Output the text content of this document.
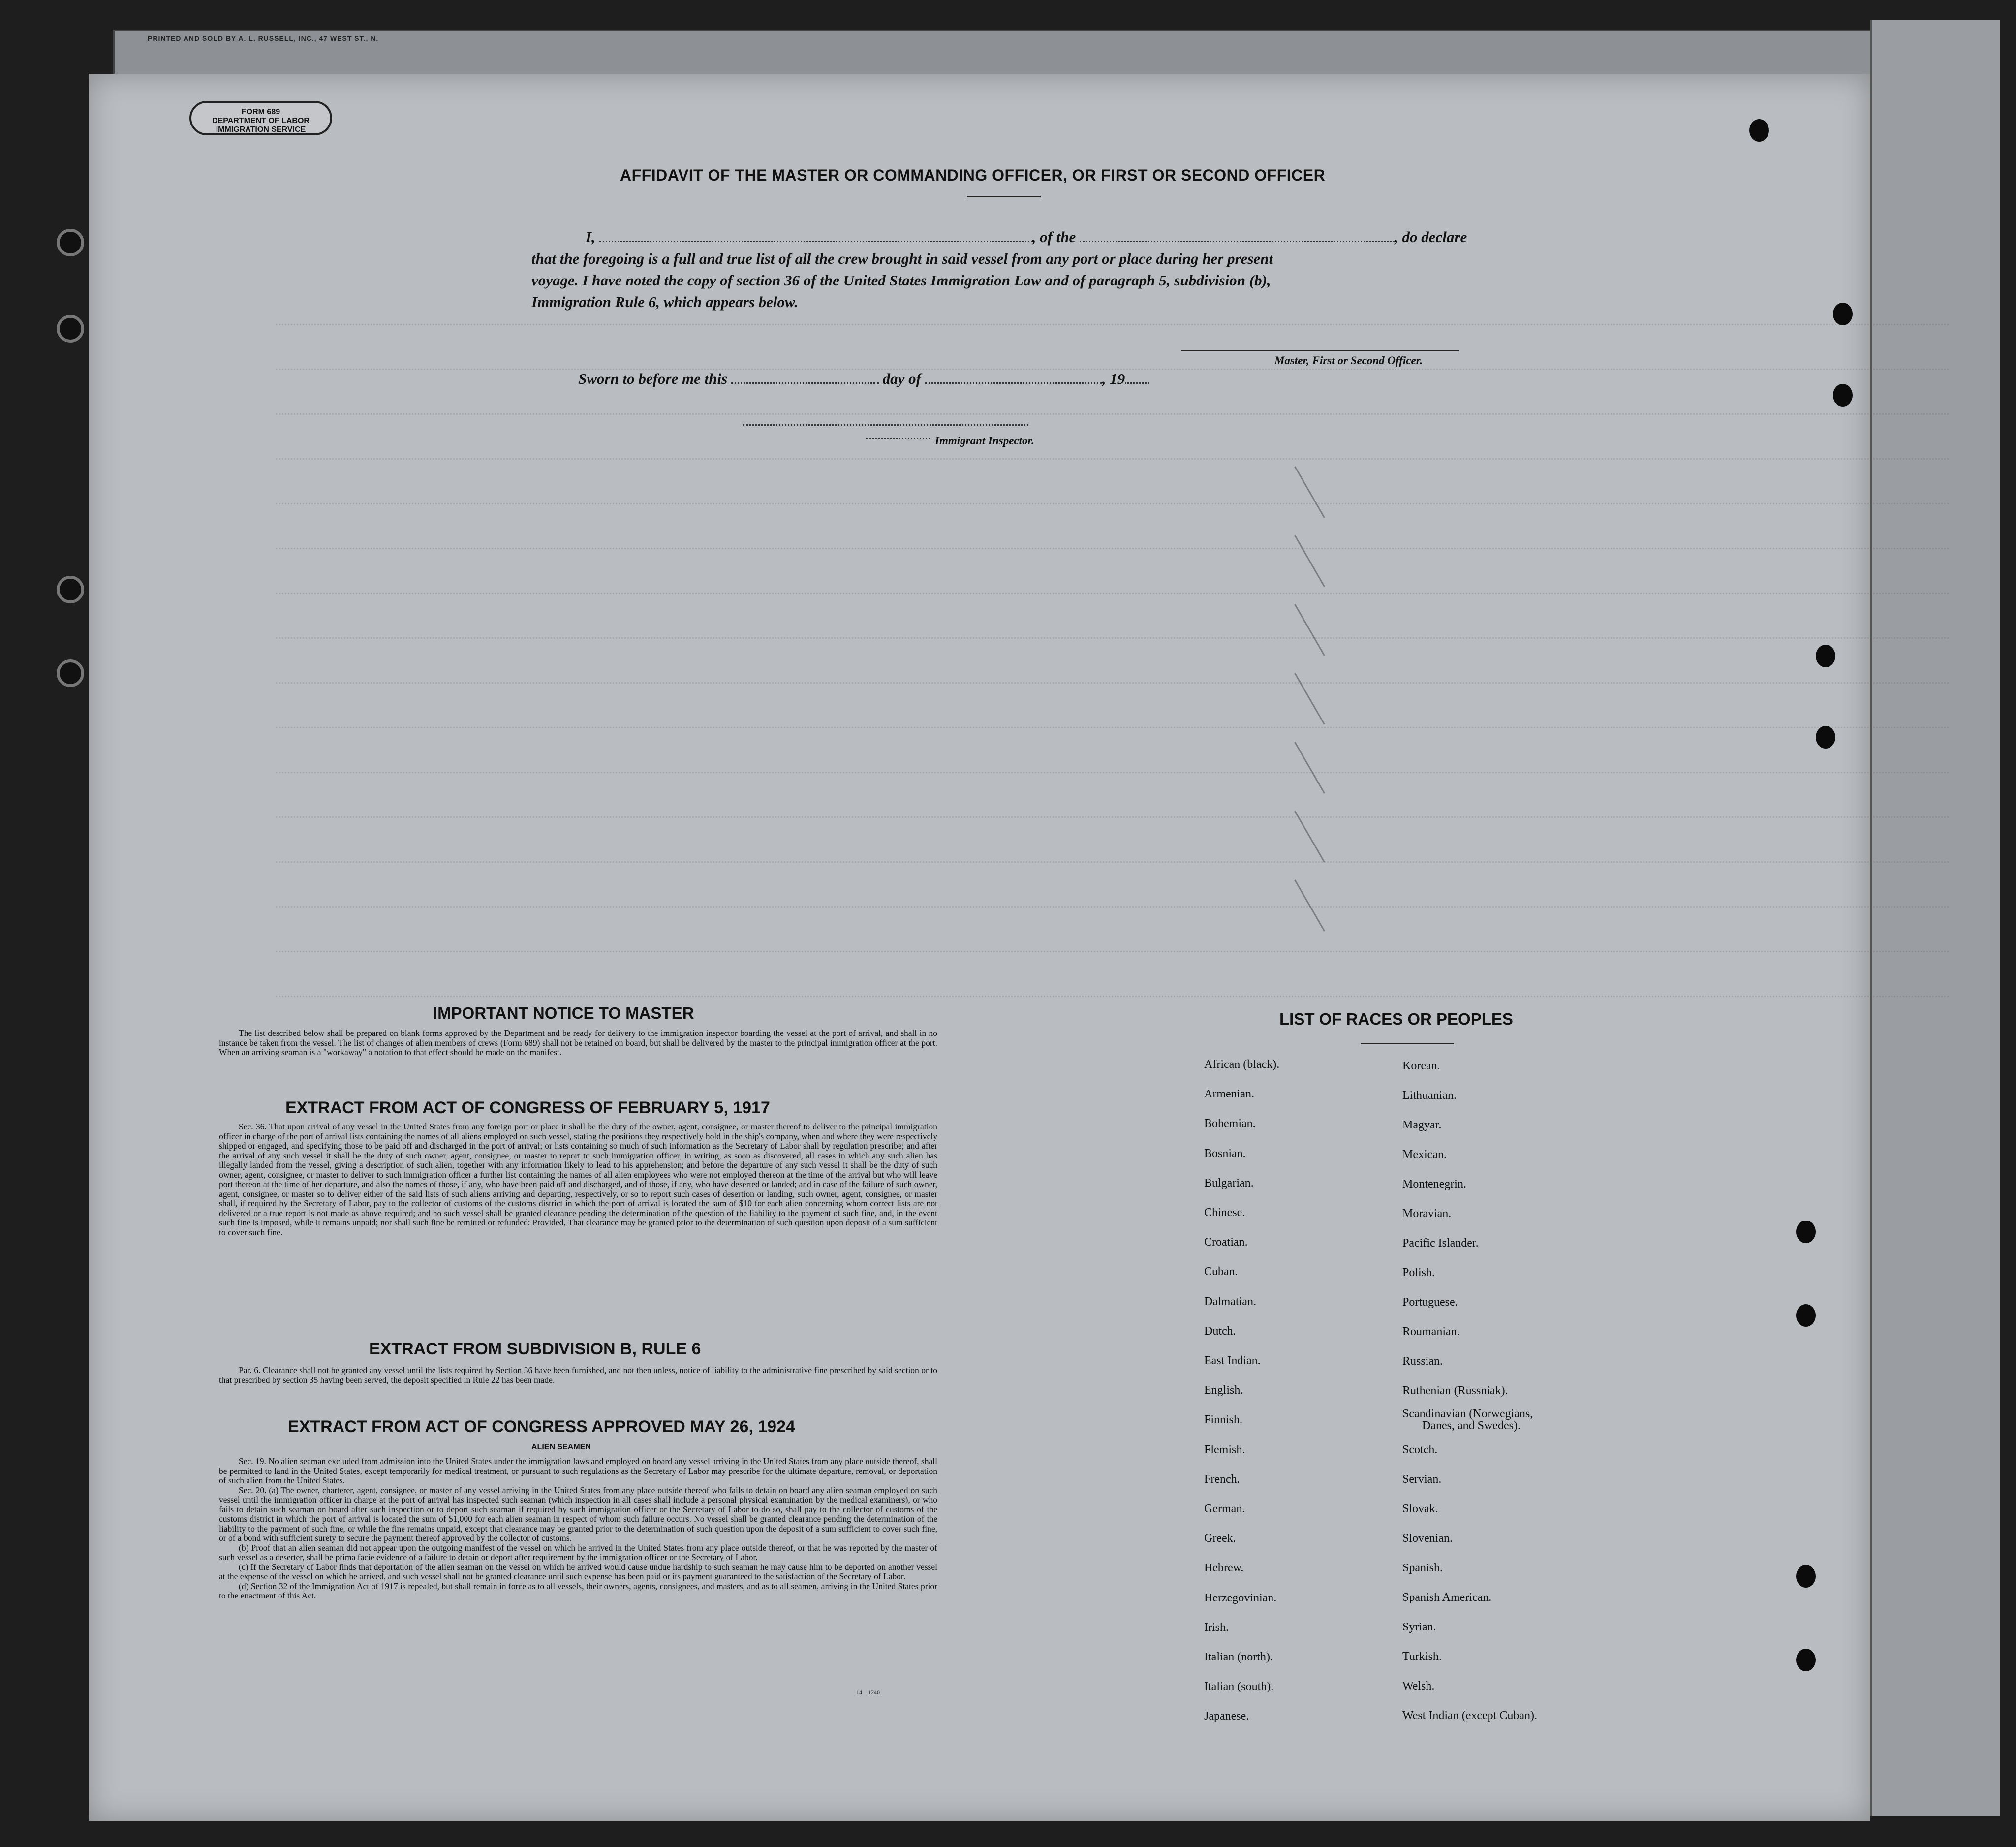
PRINTED AND SOLD BY A. L. RUSSELL, INC., 47 WEST ST., N.
FORM 689
DEPARTMENT OF LABOR
IMMIGRATION SERVICE
AFFIDAVIT OF THE MASTER OR COMMANDING OFFICER, OR FIRST OR SECOND OFFICER
I,	, of the	, do declare
that the foregoing is a full and true list of all the crew brought in said vessel from any port or place during her present
voyage. I have noted the copy of section 36 of the United States Immigration Law and of paragraph 5, subdivision (b),
Immigration Rule 6, which appears below.
Master, First or Second Officer.
Sworn to before me this	day of	, 19
Immigrant Inspector.
IMPORTANT NOTICE TO MASTER

The list described below shall be prepared on blank forms approved by the Department and be ready for delivery to the immigration inspector boarding the vessel at the port of arrival, and shall in no instance be taken from the vessel. The list of changes of alien members of crews (Form 689) shall not be retained on board, but shall be delivered by the master to the principal immigration officer at the port. When an arriving seaman is a "workaway" a notation to that effect should be made on the manifest.

EXTRACT FROM ACT OF CONGRESS OF FEBRUARY 5, 1917

Sec. 36. That upon arrival of any vessel in the United States from any foreign port or place it shall be the duty of the owner, agent, consignee, or master thereof to deliver to the principal immigration officer in charge of the port of arrival lists containing the names of all aliens employed on such vessel, stating the positions they respectively hold in the ship's company, when and where they were respectively shipped or engaged, and specifying those to be paid off and discharged in the port of arrival; or lists containing so much of such information as the Secretary of Labor shall by regulation prescribe; and after the arrival of any such vessel it shall be the duty of such owner, agent, consignee, or master to report to such immigration officer, in writing, as soon as discovered, all cases in which any such alien has illegally landed from the vessel, giving a description of such alien, together with any information likely to lead to his apprehension; and before the departure of any such vessel it shall be the duty of such owner, agent, consignee, or master to deliver to such immigration officer a further list containing the names of all alien employees who were not employed thereon at the time of the arrival but who will leave port thereon at the time of her departure, and also the names of those, if any, who have been paid off and discharged, and of those, if any, who have deserted or landed; and in case of the failure of such owner, agent, consignee, or master so to deliver either of the said lists of such aliens arriving and departing, respectively, or so to report such cases of desertion or landing, such owner, agent, consignee, or master shall, if required by the Secretary of Labor, pay to the collector of customs of the customs district in which the port of arrival is located the sum of $10 for each alien concerning whom correct lists are not delivered or a true report is not made as above required; and no such vessel shall be granted clearance pending the determination of the question of the liability to the payment of such fine, and, in the event such fine is imposed, while it remains unpaid; nor shall such fine be remitted or refunded: Provided, That clearance may be granted prior to the determination of such question upon deposit of a sum sufficient to cover such fine.

EXTRACT FROM SUBDIVISION B, RULE 6

Par. 6. Clearance shall not be granted any vessel until the lists required by Section 36 have been furnished, and not then unless, notice of liability to the administrative fine prescribed by said section or to that prescribed by section 35 having been served, the deposit specified in Rule 22 has been made.

EXTRACT FROM ACT OF CONGRESS APPROVED MAY 26, 1924
ALIEN SEAMEN

Sec. 19. No alien seaman excluded from admission into the United States under the immigration laws and employed on board any vessel arriving in the United States from any place outside thereof, shall be permitted to land in the United States, except temporarily for medical treatment, or pursuant to such regulations as the Secretary of Labor may prescribe for the ultimate departure, removal, or deportation of such alien from the United States.

Sec. 20. (a) The owner, charterer, agent, consignee, or master of any vessel arriving in the United States from any place outside thereof who fails to detain on board any alien seaman employed on such vessel until the immigration officer in charge at the port of arrival has inspected such seaman (which inspection in all cases shall include a personal physical examination by the medical examiners), or who fails to detain such seaman on board after such inspection or to deport such seaman if required by such immigration officer or the Secretary of Labor to do so, shall pay to the collector of customs of the customs district in which the port of arrival is located the sum of $1,000 for each alien seaman in respect of whom such failure occurs. No vessel shall be granted clearance pending the determination of the liability to the payment of such fine, or while the fine remains unpaid, except that clearance may be granted prior to the determination of such question upon the deposit of a sum sufficient to cover such fine, or of a bond with sufficient surety to secure the payment thereof approved by the collector of customs.

(b) Proof that an alien seaman did not appear upon the outgoing manifest of the vessel on which he arrived in the United States from any place outside thereof, or that he was reported by the master of such vessel as a deserter, shall be prima facie evidence of a failure to detain or deport after requirement by the immigration officer or the Secretary of Labor.

(c) If the Secretary of Labor finds that deportation of the alien seaman on the vessel on which he arrived would cause undue hardship to such seaman he may cause him to be deported on another vessel at the expense of the vessel on which he arrived, and such vessel shall not be granted clearance until such expense has been paid or its payment guaranteed to the satisfaction of the Secretary of Labor.

(d) Section 32 of the Immigration Act of 1917 is repealed, but shall remain in force as to all vessels, their owners, agents, consignees, and masters, and as to all seamen, arriving in the United States prior to the enactment of this Act.

14—1240
LIST OF RACES OR PEOPLES
African (black).
Armenian.
Bohemian.
Bosnian.
Bulgarian.
Chinese.
Croatian.
Cuban.
Dalmatian.
Dutch.
East Indian.
English.
Finnish.
Flemish.
French.
German.
Greek.
Hebrew.
Herzegovinian.
Irish.
Italian (north).
Italian (south).
Japanese.
Korean.
Lithuanian.
Magyar.
Mexican.
Montenegrin.
Moravian.
Pacific Islander.
Polish.
Portuguese.
Roumanian.
Russian.
Ruthenian (Russniak).
Scandinavian (Norwegians,
Danes, and Swedes).
Scotch.
Servian.
Slovak.
Slovenian.
Spanish.
Spanish American.
Syrian.
Turkish.
Welsh.
West Indian (except Cuban).
